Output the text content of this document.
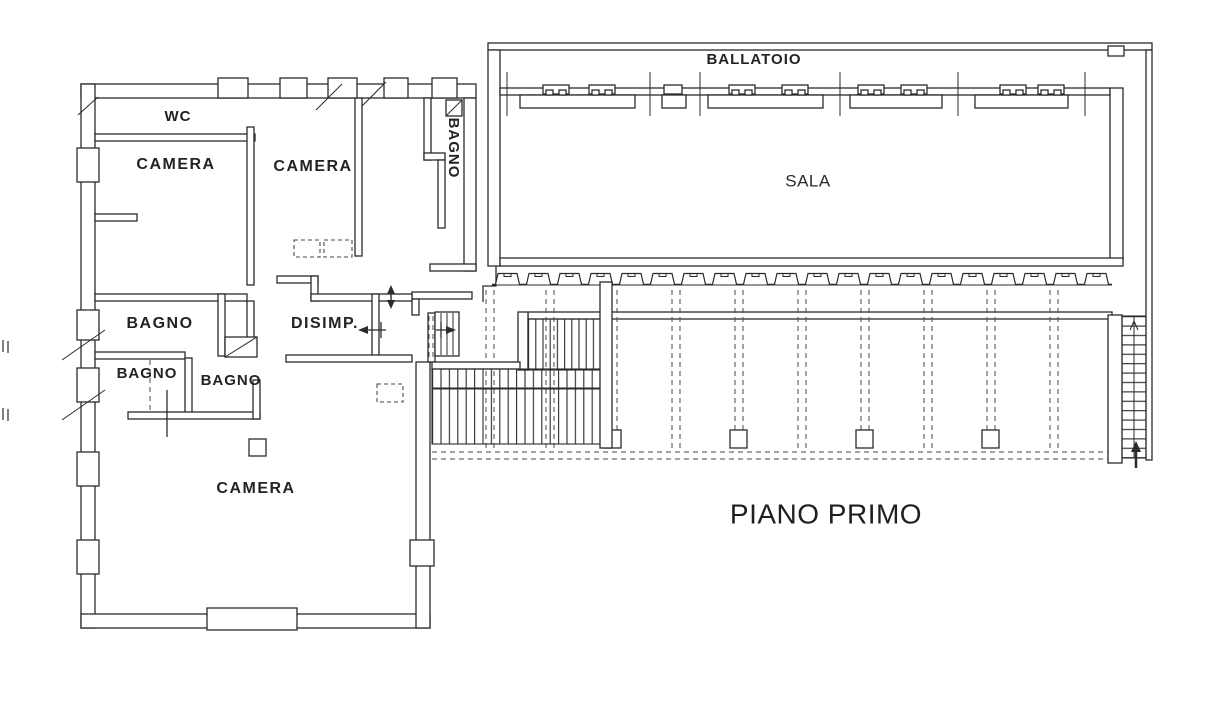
WC
CAMERA	CAMERA	BAGNO
BALLATOIO
SALA
BAGNO	DISIMP.
BAGNO BAGNO
CAMERA
PIANO PRIMO
